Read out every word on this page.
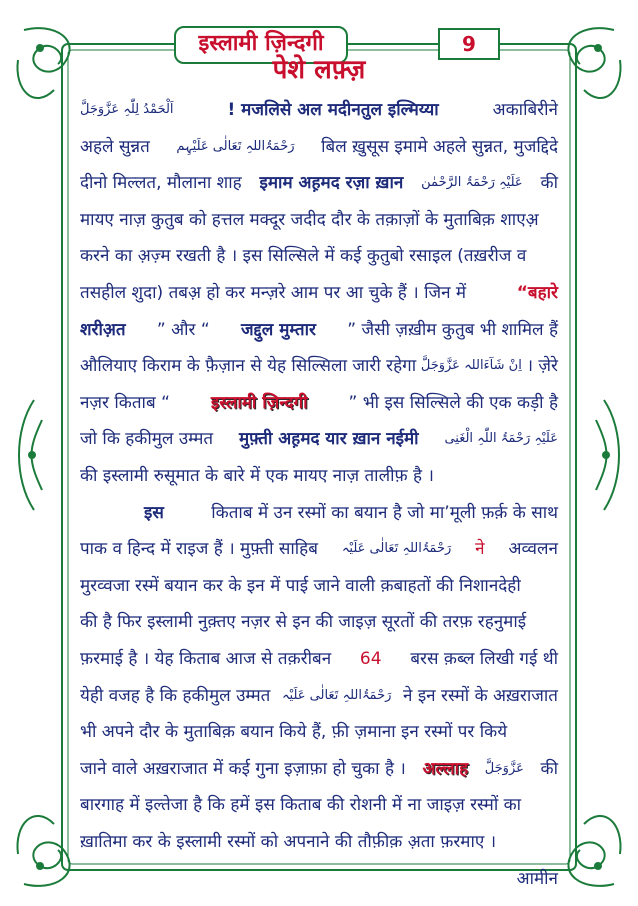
इस्लामी ज़िन्दगी	9
पेशे लफ़्ज़
اَلْحَمْدُ لِلّٰہِ عَزَّوَجَلَّ	! मजलिसे अल मदीनतुल इल्मिय्या	अकाबिरीने
अहले सुन्नत رَحْمَۃُاللہِ تَعَالٰی عَلَیْہِم बिल ख़ुसूस इमामे अहले सुन्नत, मुजद्दिदे
दीनो मिल्लत, मौलाना शाह इमाम अह़मद रज़ा ख़ान عَلَیْہِ رَحْمَۃُ الرَّحْمٰن की
मायए नाज़ कुतुब को हत्तल मक्दूर जदीद दौर के तक़ाज़ों के मुताबिक़ शाएअ़
करने का अ़ज़्म रखती है । इस सिल्सिले में कई कुतुबो रसाइल (तख़रीज व
तसहील शुदा) तबअ़ हो कर मन्ज़रे आम पर आ चुके हैं । जिन में	“बहारे
शरीअ़त ” और “ जद्दुल मुम्तार ” जैसी ज़ख़ीम कुतुब भी शामिल हैं
औलियाए किराम के फ़ैज़ान से येह सिल्सिला जारी रहेगा اِنْ شَآءَاللہ عَزَّوَجَلَّ । ज़ेरे
नज़र किताब “ इस्लामी ज़िन्दगी ” भी इस सिल्सिले की एक कड़ी है
जो कि हकीमुल उम्मत मुफ़्ती अह़मद यार ख़ान नईमी عَلَیْہِ رَحْمَۃُ اللّٰہِ الْغَنِی
की इस्लामी रुसूमात के बारे में एक मायए नाज़ तालीफ़ है ।
इस	किताब में उन रस्मों का बयान है जो मा’मूली फ़र्क़ के साथ
पाक व हिन्द में राइज हैं । मुफ़्ती साहिब رَحْمَۃُاللہِ تَعَالٰی عَلَیْہ ने अव्वलन
मुरव्वजा रस्में बयान कर के इन में पाई जाने वाली क़बाहतों की निशानदेही
की है फिर इस्लामी नुक़्तए नज़र से इन की जाइज़ सूरतों की तरफ़ रहनुमाई
फ़रमाई है । येह किताब आज से तक़रीबन 64 बरस क़ब्ल लिखी गई थी
येही वजह है कि हकीमुल उम्मत رَحْمَۃُاللہِ تَعَالٰی عَلَیْہ ने इन रस्मों के अख़राजात
भी अपने दौर के मुताबिक़ बयान किये हैं, फ़ी ज़माना इन रस्मों पर किये
जाने वाले अख़राजात में कई गुना इज़ाफ़ा हो चुका है । अल्लाह عَزَّوَجَلَّ की
बारगाह में इल्तेजा है कि हमें इस किताब की रोशनी में ना जाइज़ रस्मों का
ख़ातिमा कर के इस्लामी रस्मों को अपनाने की तौफ़ीक़ अ़ता फ़रमाए ।
आमीन
